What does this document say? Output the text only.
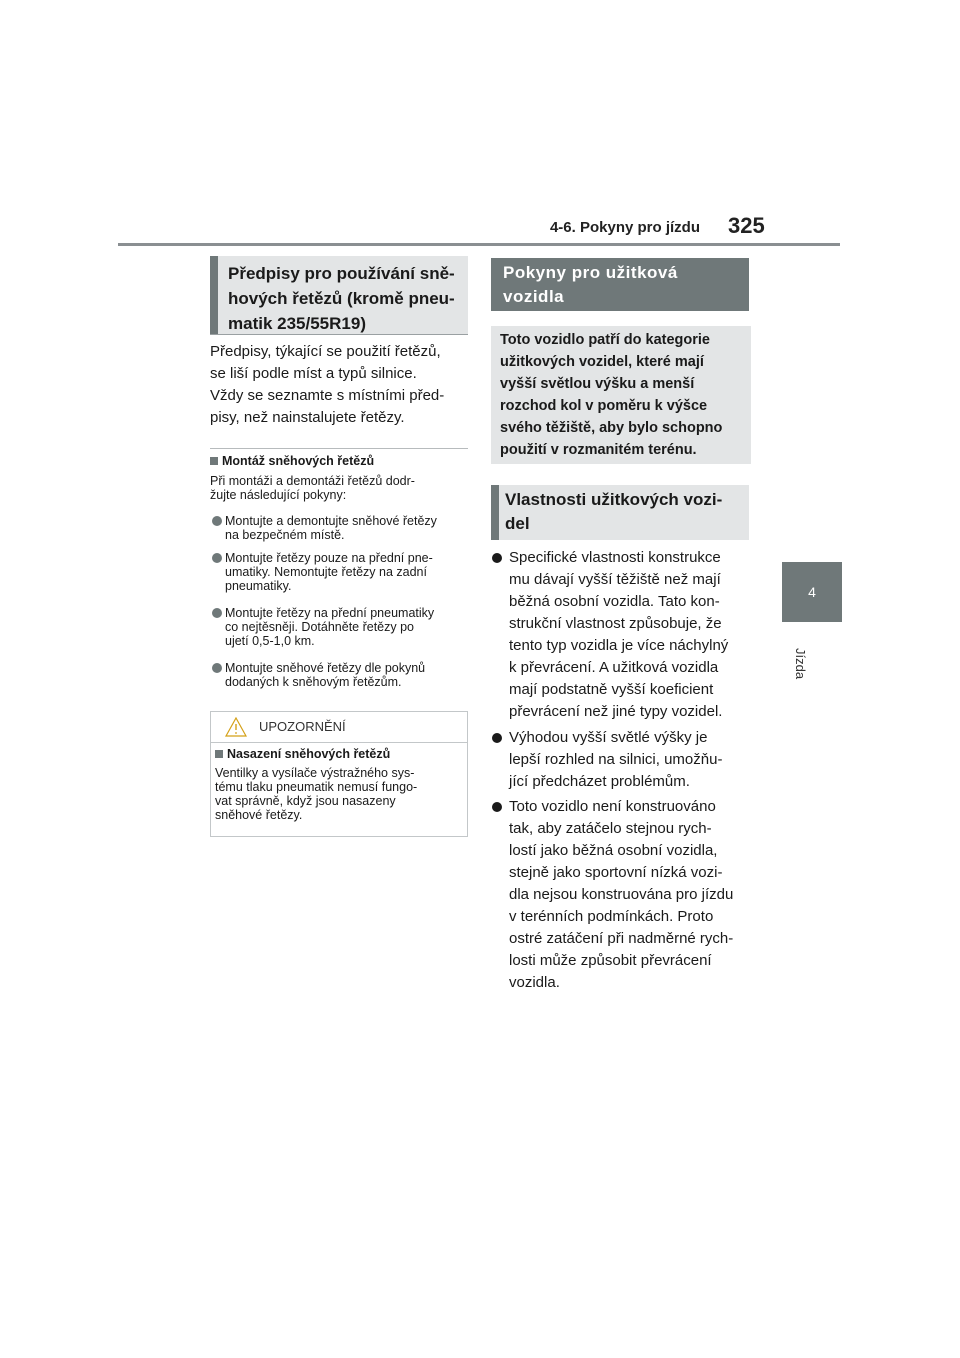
4-6. Pokyny pro jízdu 325
4
Jízda
Předpisy pro používání sně-
hových řetězů (kromě pneu-
matik 235/55R19)
Předpisy, týkající se použití řetězů,
se liší podle míst a typů silnice.
Vždy se seznamte s místními před-
pisy, než nainstalujete řetězy.
Montáž sněhových řetězů
Při montáži a demontáži řetězů dodr-
žujte následující pokyny:
Montujte a demontujte sněhové řetězy
na bezpečném místě.
Montujte řetězy pouze na přední pne-
umatiky. Nemontujte řetězy na zadní
pneumatiky.
Montujte řetězy na přední pneumatiky
co nejtěsněji. Dotáhněte řetězy po
ujetí 0,5-1,0 km.
Montujte sněhové řetězy dle pokynů
dodaných k sněhovým řetězům.
UPOZORNĚNÍ
Nasazení sněhových řetězů
Ventilky a vysílače výstražného sys-
tému tlaku pneumatik nemusí fungo-
vat správně, když jsou nasazeny
sněhové řetězy.
Pokyny pro užitková
vozidla
Toto vozidlo patří do kategorie
užitkových vozidel, které mají
vyšší světlou výšku a menší
rozchod kol v poměru k výšce
svého těžiště, aby bylo schopno
použití v rozmanitém terénu.
Vlastnosti užitkových vozi-
del
Specifické vlastnosti konstrukce
mu dávají vyšší těžiště než mají
běžná osobní vozidla. Tato kon-
strukční vlastnost způsobuje, že
tento typ vozidla je více náchylný
k převrácení. A užitková vozidla
mají podstatně vyšší koeficient
převrácení než jiné typy vozidel.
Výhodou vyšší světlé výšky je
lepší rozhled na silnici, umožňu-
jící předcházet problémům.
Toto vozidlo není konstruováno
tak, aby zatáčelo stejnou rych-
lostí jako běžná osobní vozidla,
stejně jako sportovní nízká vozi-
dla nejsou konstruována pro jízdu
v terénních podmínkách. Proto
ostré zatáčení při nadměrné rych-
losti může způsobit převrácení
vozidla.
